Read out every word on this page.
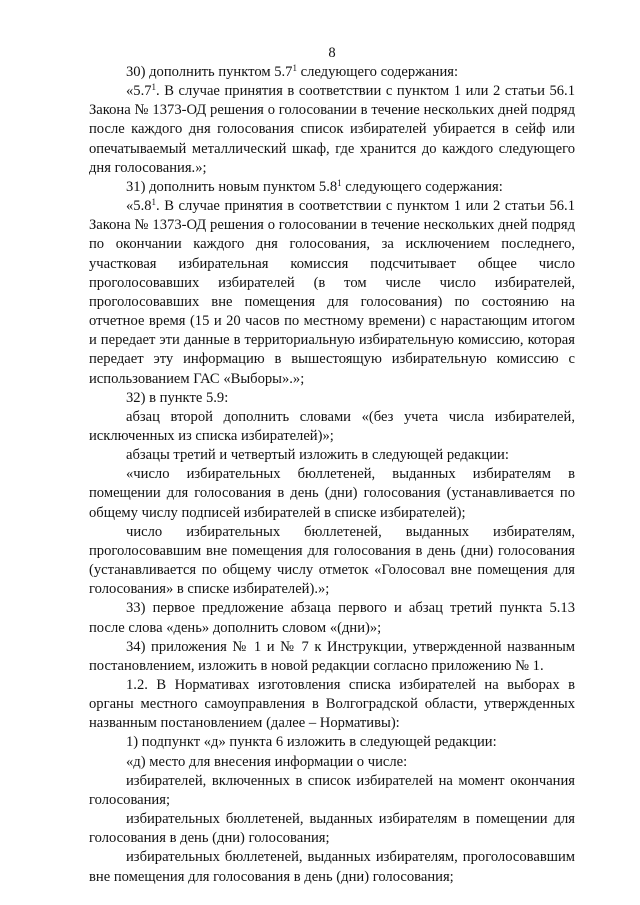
8

30) дополнить пунктом $5.7^1$ следующего содержания:

«$5.7^1$. В случае принятия в соответствии с пунктом 1 или 2 статьи 56.1 Закона № 1373-ОД решения о голосовании в течение нескольких дней подряд после каждого дня голосования список избирателей убирается в сейф или опечатываемый металлический шкаф, где хранится до каждого следующего дня голосования.»;

31) дополнить новым пунктом $5.8^1$ следующего содержания:

«$5.8^1$. В случае принятия в соответствии с пунктом 1 или 2 статьи 56.1 Закона № 1373-ОД решения о голосовании в течение нескольких дней подряд по окончании каждого дня голосования, за исключением последнего, участковая избирательная комиссия подсчитывает общее число проголосовавших избирателей (в том числе число избирателей, проголосовавших вне помещения для голосования) по состоянию на отчетное время (15 и 20 часов по местному времени) с нарастающим итогом и передает эти данные в территориальную избирательную комиссию, которая передает эту информацию в вышестоящую избирательную комиссию с использованием ГАС «Выборы».»;

32) в пункте 5.9:

абзац второй дополнить словами «(без учета числа избирателей, исключенных из списка избирателей)»;

абзацы третий и четвертый изложить в следующей редакции:

«число избирательных бюллетеней, выданных избирателям в помещении для голосования в день (дни) голосования (устанавливается по общему числу подписей избирателей в списке избирателей);

число избирательных бюллетеней, выданных избирателям, проголосовавшим вне помещения для голосования в день (дни) голосования (устанавливается по общему числу отметок «Голосовал вне помещения для голосования» в списке избирателей).»;

33) первое предложение абзаца первого и абзац третий пункта 5.13 после слова «день» дополнить словом «(дни)»;

34) приложения № 1 и № 7 к Инструкции, утвержденной названным постановлением, изложить в новой редакции согласно приложению № 1.

1.2. В Нормативах изготовления списка избирателей на выборах в органы местного самоуправления в Волгоградской области, утвержденных названным постановлением (далее – Нормативы):

1) подпункт «д» пункта 6 изложить в следующей редакции:

«д) место для внесения информации о числе:

избирателей, включенных в список избирателей на момент окончания голосования;

избирательных бюллетеней, выданных избирателям в помещении для голосования в день (дни) голосования;

избирательных бюллетеней, выданных избирателям, проголосовавшим вне помещения для голосования в день (дни) голосования;
